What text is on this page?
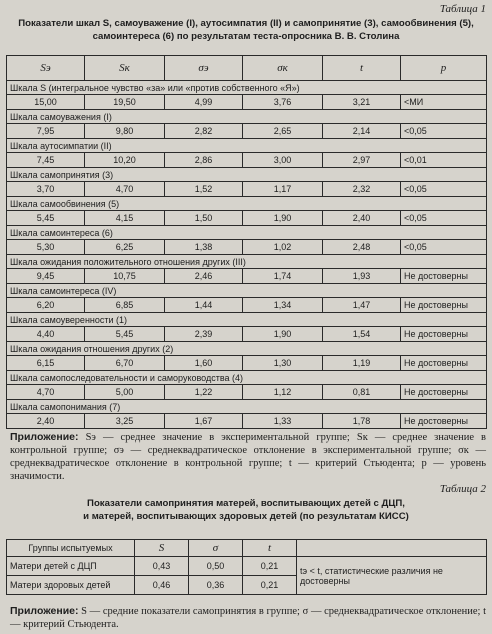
Таблица 1
Показатели шкал S, самоуважение (I), аутосимпатия (II) и самопринятие (3), самообвинения (5),
самоинтереса (6) по результатам теста-опросника В. В. Столина
Sэ	Sк	σэ	σк	t	p
Шкала S (интегральное чувство «за» или «против собственного «Я»)					
15,00	19,50	4,99	3,76	3,21	<МИ
Шкала самоуважения (I)					
7,95	9,80	2,82	2,65	2,14	<0,05
Шкала аутосимпатии (II)					
7,45	10,20	2,86	3,00	2,97	<0,01
Шкала самопринятия (3)					
3,70	4,70	1,52	1,17	2,32	<0,05
Шкала самообвинения (5)					
5,45	4,15	1,50	1,90	2,40	<0,05
Шкала самоинтереса (6)					
5,30	6,25	1,38	1,02	2,48	<0,05
Шкала ожидания положительного отношения других (III)					
9,45	10,75	2,46	1,74	1,93	Не достоверны
Шкала самоинтереса (IV)					
6,20	6,85	1,44	1,34	1,47	Не достоверны
Шкала самоуверенности (1)					
4,40	5,45	2,39	1,90	1,54	Не достоверны
Шкала ожидания отношения других (2)					
6,15	6,70	1,60	1,30	1,19	Не достоверны
Шкала самопоследовательности и саморуководства (4)					
4,70	5,00	1,22	1,12	0,81	Не достоверны
Шкала самопонимания (7)					
2,40	3,25	1,67	1,33	1,78	Не достоверны
Приложение: Sэ — среднее значение в экспериментальной группе; Sк — среднее значение в контрольной группе; σэ — среднеквадратическое отклонение в экспериментальной группе; σк — среднеквадратическое отклонение в контрольной группе; t — критерий Стьюдента; p — уровень значимости.
Таблица 2
Показатели самопринятия матерей, воспитывающих детей с ДЦП,
и матерей, воспитывающих здоровых детей (по результатам КИСС)
Группы испытуемых	S	σ	t	
Матери детей с ДЦП	0,43	0,50	0,21	tэ < t, статистические различия не достоверны
Матери здоровых детей	0,46	0,36	0,21	
Приложение: S — средние показатели самопринятия в группе; σ — среднеквадратическое отклонение; t — критерий Стьюдента.
